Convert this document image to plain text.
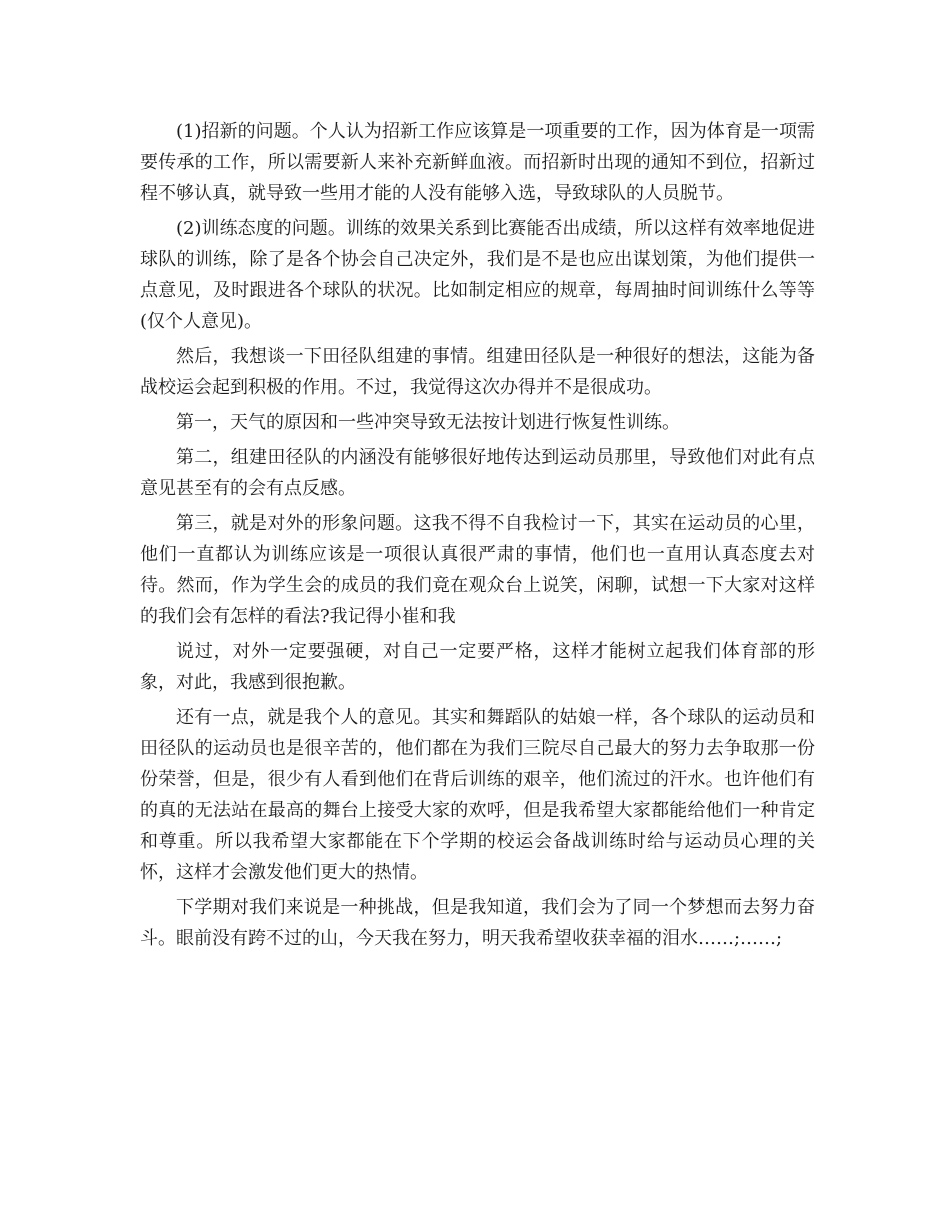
(1)招新的问题。个人认为招新工作应该算是一项重要的工作，因为体育是一项需要传承的工作，所以需要新人来补充新鲜血液。而招新时出现的通知不到位，招新过程不够认真，就导致一些用才能的人没有能够入选，导致球队的人员脱节。

(2)训练态度的问题。训练的效果关系到比赛能否出成绩，所以这样有效率地促进球队的训练，除了是各个协会自己决定外，我们是不是也应出谋划策，为他们提供一点意见，及时跟进各个球队的状况。比如制定相应的规章，每周抽时间训练什么等等(仅个人意见)。

然后，我想谈一下田径队组建的事情。组建田径队是一种很好的想法，这能为备战校运会起到积极的作用。不过，我觉得这次办得并不是很成功。

第一，天气的原因和一些冲突导致无法按计划进行恢复性训练。

第二，组建田径队的内涵没有能够很好地传达到运动员那里，导致他们对此有点意见甚至有的会有点反感。

第三，就是对外的形象问题。这我不得不自我检讨一下，其实在运动员的心里，他们一直都认为训练应该是一项很认真很严肃的事情，他们也一直用认真态度去对待。然而，作为学生会的成员的我们竟在观众台上说笑，闲聊，试想一下大家对这样的我们会有怎样的看法?我记得小崔和我

说过，对外一定要强硬，对自己一定要严格，这样才能树立起我们体育部的形象，对此，我感到很抱歉。

还有一点，就是我个人的意见。其实和舞蹈队的姑娘一样，各个球队的运动员和田径队的运动员也是很辛苦的，他们都在为我们三院尽自己最大的努力去争取那一份份荣誉，但是，很少有人看到他们在背后训练的艰辛，他们流过的汗水。也许他们有的真的无法站在最高的舞台上接受大家的欢呼，但是我希望大家都能给他们一种肯定和尊重。所以我希望大家都能在下个学期的校运会备战训练时给与运动员心理的关怀，这样才会激发他们更大的热情。

下学期对我们来说是一种挑战，但是我知道，我们会为了同一个梦想而去努力奋斗。眼前没有跨不过的山，今天我在努力，明天我希望收获幸福的泪水……;……;
